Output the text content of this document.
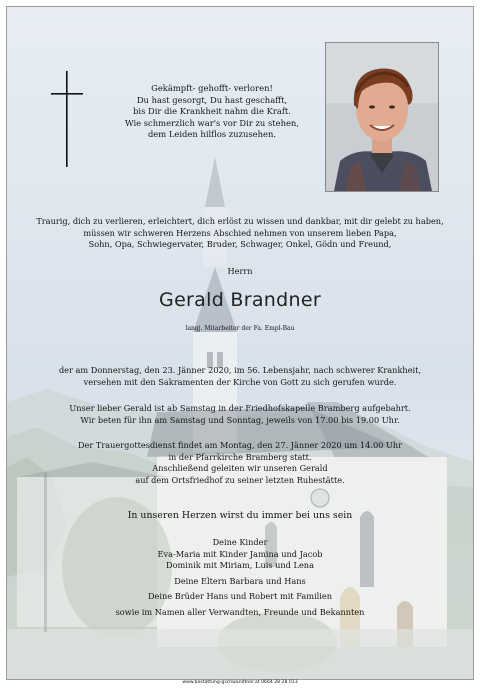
Gekämpft- gehofft- verloren!
Du hast gesorgt, Du hast geschafft,
bis Dir die Krankheit nahm die Kraft.
Wie schmerzlich war's vor Dir zu stehen,
dem Leiden hilflos zuzusehen.
Traurig, dich zu verlieren, erleichtert, dich erlöst zu wissen und dankbar, mit dir gelebt zu haben,
müssen wir schweren Herzens Abschied nehmen von unserem lieben Papa,
Sohn, Opa, Schwiegervater, Bruder, Schwager, Onkel, Gödn und Freund,
Herrn
Gerald Brandner
langj. Mitarbeiter der Fa. Empl-Bau
der am Donnerstag, den 23. Jänner 2020, im 56. Lebensjahr, nach schwerer Krankheit,
versehen mit den Sakramenten der Kirche von Gott zu sich gerufen wurde.
Unser lieber Gerald ist ab Samstag in der Friedhofskapelle Bramberg aufgebahrt.
Wir beten für ihn am Samstag und Sonntag, jeweils von 17.00 bis 19.00 Uhr.
Der Trauergottesdienst findet am Montag, den 27. Jänner 2020 um 14.00 Uhr
in der Pfarrkirche Bramberg statt.
Anschließend geleiten wir unseren Gerald
auf dem Ortsfriedhof zu seiner letzten Ruhestätte.
In unseren Herzen wirst du immer bei uns sein
Deine Kinder
Eva-Maria mit Kinder Jamina und Jacob
Dominik mit Miriam, Luis und Lena
Deine Eltern Barbara und Hans
Deine Brüder Hans und Robert mit Familien
sowie im Namen aller Verwandten, Freunde und Bekannten
www.bestattung-gschwandtner.at 0664 28 28 013
